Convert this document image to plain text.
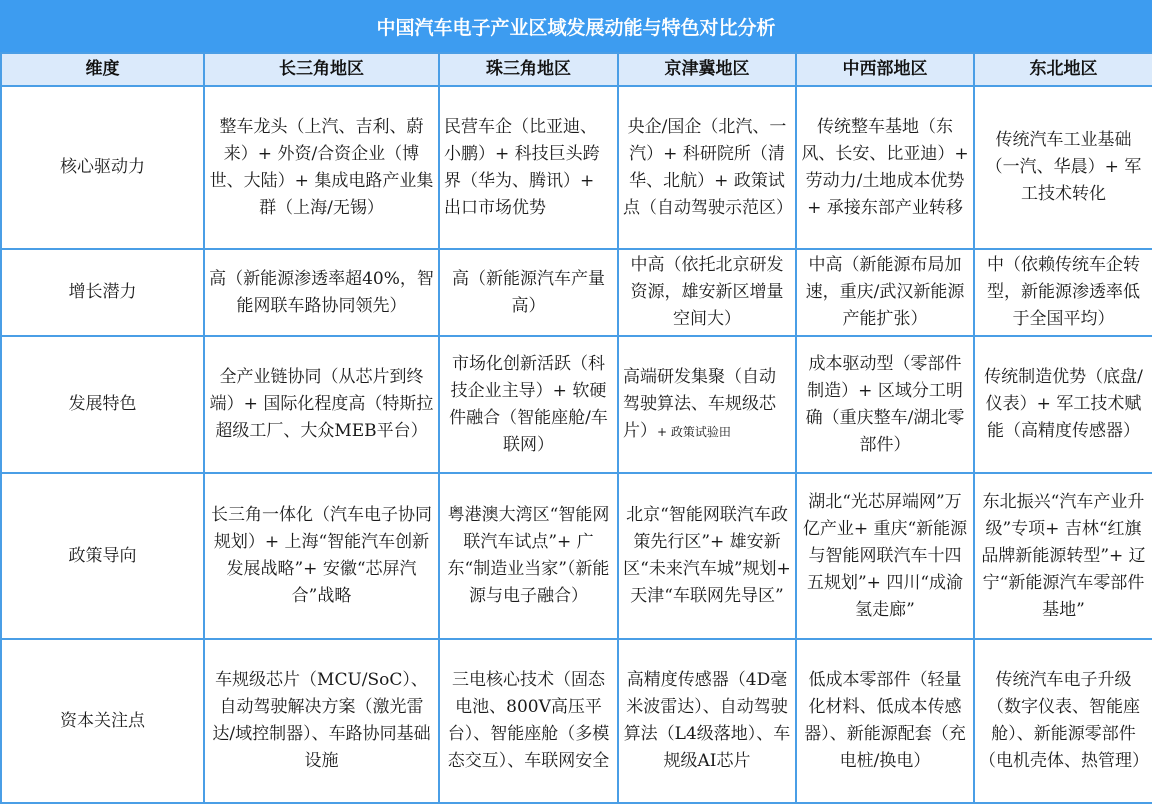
中国汽车电子产业区域发展动能与特色对比分析
维度	长三角地区	珠三角地区	京津冀地区	中西部地区	东北地区
核心驱动力	整车龙头（上汽、吉利、蔚来）+ 外资/合资企业（博世、大陆）+ 集成电路产业集群（上海/无锡）	民营车企（比亚迪、小鹏）+ 科技巨头跨界（华为、腾讯）+ 出口市场优势	央企/国企（北汽、一汽）+ 科研院所（清华、北航）+ 政策试点（自动驾驶示范区）	传统整车基地（东风、长安、比亚迪）+ 劳动力/土地成本优势+ 承接东部产业转移	传统汽车工业基础（一汽、华晨）+ 军工技术转化
增长潜力	高（新能源渗透率超40%，智能网联车路协同领先）	高（新能源汽车产量高）	中高（依托北京研发资源，雄安新区增量空间大）	中高（新能源布局加速，重庆/武汉新能源产能扩张）	中（依赖传统车企转型，新能源渗透率低于全国平均）
发展特色	全产业链协同（从芯片到终端）+ 国际化程度高（特斯拉超级工厂、大众MEB平台）	市场化创新活跃（科技企业主导）+ 软硬件融合（智能座舱/车联网）	高端研发集聚（自动驾驶算法、车规级芯片）+ 政策试验田	成本驱动型（零部件制造）+ 区域分工明确（重庆整车/湖北零部件）	传统制造优势（底盘/仪表）+ 军工技术赋能（高精度传感器）
政策导向	长三角一体化（汽车电子协同规划）+ 上海“智能汽车创新发展战略”+ 安徽“芯屏汽合”战略	粤港澳大湾区“智能网联汽车试点”+ 广东“制造业当家”（新能源与电子融合）	北京“智能网联汽车政策先行区”+ 雄安新区“未来汽车城”规划+ 天津“车联网先导区”	湖北“光芯屏端网”万亿产业+ 重庆“新能源与智能网联汽车十四五规划”+ 四川“成渝氢走廊”	东北振兴“汽车产业升级”专项+ 吉林“红旗品牌新能源转型”+ 辽宁“新能源汽车零部件基地”
资本关注点	车规级芯片（MCU/SoC）、自动驾驶解决方案（激光雷达/域控制器）、车路协同基础设施	三电核心技术（固态电池、800V高压平台）、智能座舱（多模态交互）、车联网安全	高精度传感器（4D毫米波雷达）、自动驾驶算法（L4级落地）、车规级AI芯片	低成本零部件（轻量化材料、低成本传感器）、新能源配套（充电桩/换电）	传统汽车电子升级（数字仪表、智能座舱）、新能源零部件（电机壳体、热管理）
